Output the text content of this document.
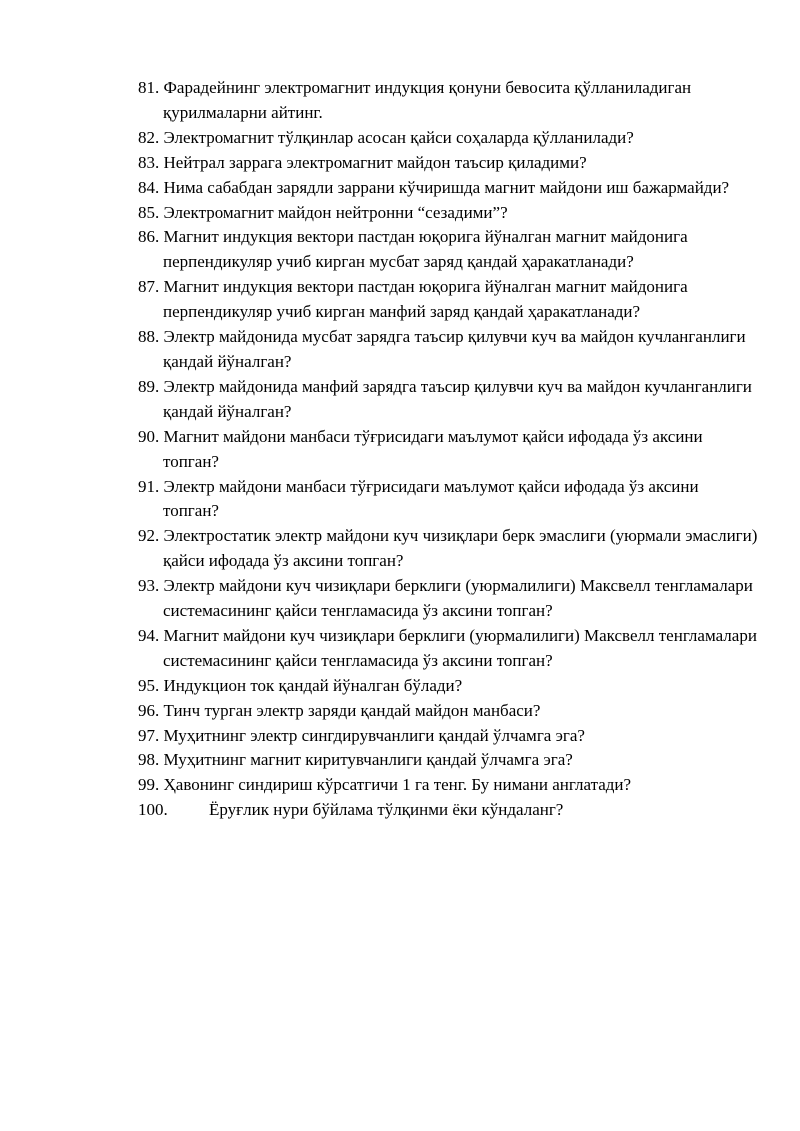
81. Фарадейнинг электромагнит индукция қонуни бевосита қўлланиладиган қурилмаларни айтинг.
82. Электромагнит тўлқинлар асосан қайси соҳаларда қўлланилади?
83. Нейтрал заррага электромагнит майдон таъсир қиладими?
84. Нима сабабдан зарядли заррани кўчиришда магнит майдони иш бажармайди?
85. Электромагнит майдон нейтронни “сезадими”?
86. Магнит индукция вектори пастдан юқорига йўналган магнит майдонига перпендикуляр учиб кирган мусбат заряд қандай ҳаракатланади?
87. Магнит индукция вектори пастдан юқорига йўналган магнит майдонига перпендикуляр учиб кирган манфий заряд қандай ҳаракатланади?
88. Электр майдонида мусбат зарядга таъсир қилувчи куч ва майдон кучланганлиги қандай йўналган?
89. Электр майдонида манфий зарядга таъсир қилувчи куч ва майдон кучланганлиги қандай йўналган?
90. Магнит майдони манбаси тўғрисидаги маълумот қайси ифодада ўз аксини топган?
91. Электр майдони манбаси тўғрисидаги маълумот қайси ифодада ўз аксини топган?
92. Электростатик электр майдони куч чизиқлари берк эмаслиги (уюрмали эмаслиги) қайси ифодада ўз аксини топган?
93. Электр майдони куч чизиқлари берклиги (уюрмалилиги) Максвелл тенгламалари системасининг қайси тенгламасида ўз аксини топган?
94. Магнит майдони куч чизиқлари берклиги (уюрмалилиги) Максвелл тенгламалари системасининг қайси тенгламасида ўз аксини топган?
95. Индукцион ток қандай йўналган бўлади?
96. Тинч турган электр заряди қандай майдон манбаси?
97. Муҳитнинг электр сингдирувчанлиги қандай ўлчамга эга?
98. Муҳитнинг магнит киритувчанлиги қандай ўлчамга эга?
99. Ҳавонинг синдириш кўрсатгичи 1 га тенг. Бу нимани англатади?
100.	Ёруғлик нури бўйлама тўлқинми ёки кўндаланг?
